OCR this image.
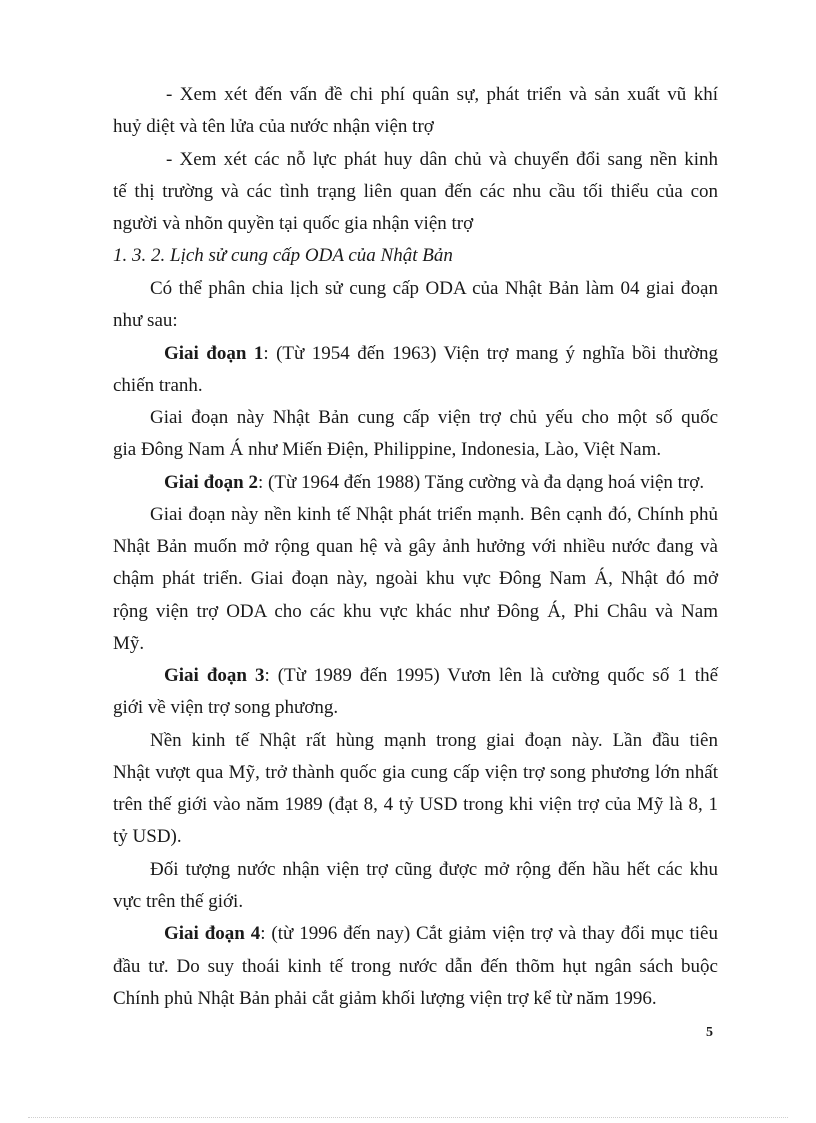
- Xem xét đến vấn đề chi phí quân sự, phát triển và sản xuất vũ khí
huỷ diệt và tên lửa của nước nhận viện trợ
- Xem xét các nỗ lực phát huy dân chủ và chuyển đổi sang nền kinh
tế thị trường và các tình trạng liên quan đến các nhu cầu tối thiểu của con
người và nhõn quyền tại quốc gia nhận viện trợ
1. 3. 2. Lịch sử cung cấp ODA của Nhật Bản
Có thể phân chia lịch sử cung cấp ODA của Nhật Bản làm 04 giai đoạn
như sau:
Giai đoạn 1: (Từ 1954 đến 1963) Viện trợ mang ý nghĩa bồi thường
chiến tranh.
Giai đoạn này Nhật Bản cung cấp viện trợ chủ yếu cho một số quốc
gia Đông Nam Á như Miến Điện, Philippine, Indonesia, Lào, Việt Nam.
Giai đoạn 2: (Từ 1964 đến 1988) Tăng cường và đa dạng hoá viện trợ.
Giai đoạn này nền kinh tế Nhật phát triển mạnh. Bên cạnh đó, Chính phủ
Nhật Bản muốn mở rộng quan hệ và gây ảnh hưởng với nhiều nước đang và
chậm phát triển. Giai đoạn này, ngoài khu vực Đông Nam Á, Nhật đó mở
rộng viện trợ ODA cho các khu vực khác như Đông Á, Phi Châu và Nam
Mỹ.
Giai đoạn 3: (Từ 1989 đến 1995) Vươn lên là cường quốc số 1 thế
giới về viện trợ song phương.
Nền kinh tế Nhật rất hùng mạnh trong giai đoạn này. Lần đầu tiên
Nhật vượt qua Mỹ, trở thành quốc gia cung cấp viện trợ song phương lớn nhất
trên thế giới vào năm 1989 (đạt 8, 4 tỷ USD trong khi viện trợ của Mỹ là 8, 1
tỷ USD).
Đối tượng nước nhận viện trợ cũng được mở rộng đến hầu hết các khu
vực trên thế giới.
Giai đoạn 4: (từ 1996 đến nay) Cắt giảm viện trợ và thay đổi mục tiêu
đầu tư. Do suy thoái kinh tế trong nước dẫn đến thõm hụt ngân sách buộc
Chính phủ Nhật Bản phải cắt giảm khối lượng viện trợ kể từ năm 1996.
5
